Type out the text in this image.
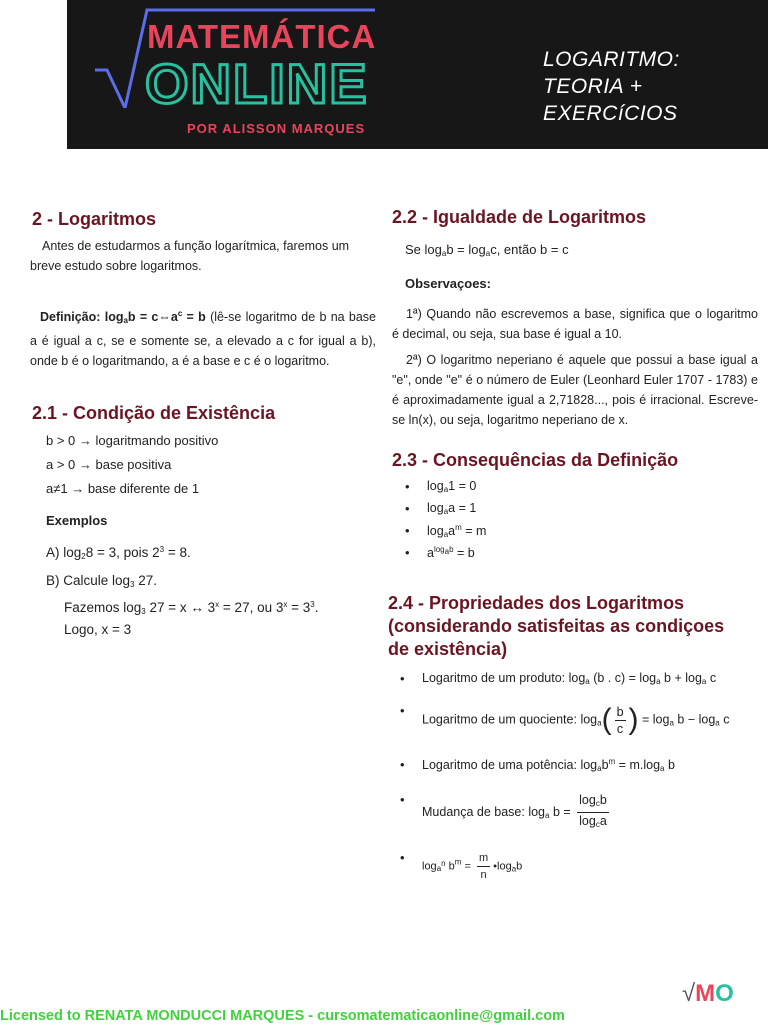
MATEMÁTICA
ONLINE
POR ALISSON MARQUES
LOGARITMO:
TEORIA +
EXERCíCIOS
2 - Logaritmos
Antes de estudarmos a função logarítmica, faremos um breve estudo sobre logaritmos.
Definição: $\log_ab$ = $c\Leftrightarrow a^c = b$ (lê-se logaritmo de b na base a é igual a c, se e somente se, a elevado a c for igual a b), onde b é o logaritmando, a é a base e c é o logaritmo.
2.1 - Condição de Existência
b > 0 → logaritmando positivo
a > 0 → base positiva
a≠1 → base diferente de 1
Exemplos
A) $\log_28 = 3$, pois $2^3 = 8$.
B) Calcule $\log_3 27$.
Fazemos $\log_3 27 = x$ ↔ $3^x = 27$, ou $3^x = 3^3$.
Logo, x = 3
2.2 - Igualdade de Logaritmos
Se $\log_ab = \log_ac$, então b = c
Observaçoes:
1ª) Quando não escrevemos a base, significa que o logaritmo é decimal, ou seja, sua base é igual a 10.
2ª) O logaritmo neperiano é aquele que possui a base igual a "e", onde "e" é o número de Euler (Leonhard Euler 1707 - 1783) e é aproximadamente igual a 2,71828..., pois é irracional. Escreve-se ln(x), ou seja, logaritmo neperiano de x.
2.3 - Consequências da Definição
• $\log_a1 = 0$
• $\log_aa = 1$
• $\log_aa^m = m$
• $a^{log_ab} = b$
2.4 - Propriedades dos Logaritmos (considerando satisfeitas as condiçoes de existência)
• Logaritmo de um produto: $\log_a (b$ . $c) = \log_a b + \log_a c$
• Logaritmo de um quociente: $\log_a( \frac{b}{c}$ ) = $\log_a b - \log_a c$
• Logaritmo de uma potência: $\log_ab^m = m.\log_a$ b
• Mudança de base: $\log_a b = \frac{\log_cb}{\log_ca}$
• $\log_{a^n} b^m = \frac{m}{n}$ $•\log_ab$
√MO
Licensed to RENATA MONDUCCI MARQUES - cursomatematicaonline@gmail.com
